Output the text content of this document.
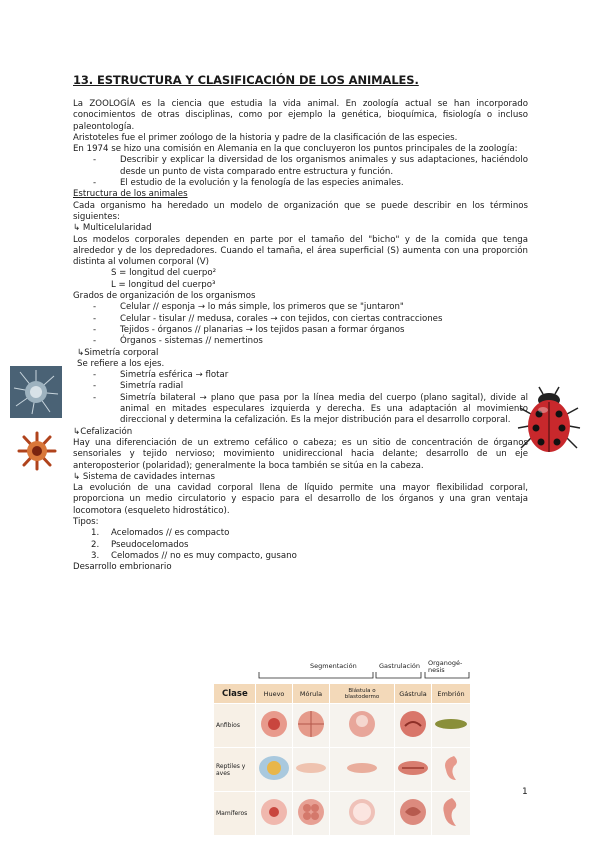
13. ESTRUCTURA Y CLASIFICACIÓN DE LOS ANIMALES.

La ZOOLOGÍA es la ciencia que estudia la vida animal. En zoología actual se han incorporado conocimientos de otras disciplinas, como por ejemplo la genética, bioquímica, fisiología o incluso paleontología.

Aristoteles fue el primer zoólogo de la historia y padre de la clasificación de las especies.

En 1974 se hizo una comisión en Alemania en la que concluyeron los puntos principales de la zoología:

- Describir y explicar la diversidad de los organismos animales y sus adaptaciones, haciéndolo desde un punto de vista comparado entre estructura y función.
- El estudio de la evolución y la fenología de las especies animales.

Estructura de los animales

Cada organismo ha heredado un modelo de organización que se puede describir en los términos siguientes:

↳ Multicelularidad

Los modelos corporales dependen en parte por el tamaño del "bicho" y de la comida que tenga alrededor y de los depredadores. Cuando el tamaña, el área superficial (S) aumenta con una proporción distinta al volumen corporal (V)

S = longitud del cuerpo²

L = longitud del cuerpo³

Grados de organización de los organismos

- Celular // esponja → lo más simple, los primeros que se "juntaron"
- Celular - tisular // medusa, corales → con tejidos, con ciertas contracciones
- Tejidos - órganos // planarias → los tejidos pasan a formar órganos
- Órganos - sistemas // nemertinos

↳Simetría corporal

Se refiere a los ejes.

- Simetría esférica → flotar
- Simetría radial
- Simetría bilateral → plano que pasa por la línea media del cuerpo (plano sagital), divide al animal en mitades especulares izquierda y derecha. Es una adaptación al movimiento direccional y determina la cefalización. Es la mejor distribución para el desarrollo corporal.

↳Cefalización

Hay una diferenciación de un extremo cefálico o cabeza; es un sitio de concentración de órganos sensoriales y tejido nervioso; movimiento unidireccional hacia delante; desarrollo de un eje anteroposterior (polaridad); generalmente la boca también se sitúa en la cabeza.

↳ Sistema de cavidades internas

La evolución de una cavidad corporal llena de líquido permite una mayor flexibilidad corporal, proporciona un medio circulatorio y espacio para el desarrollo de los órganos y una gran ventaja locomotora (esqueleto hidrostático).

Tipos:

1. Acelomados // es compacto
2. Pseudocelomados
3. Celomados // no es muy compacto, gusano

Desarrollo embrionario

Segmentación	Gastrulación Organogé-nesis
Clase	Huevo	Mórula	Blástula o blastodermo	Gástrula	Embrión
Anfibios					
Reptiles y aves					
Mamíferos					
1
